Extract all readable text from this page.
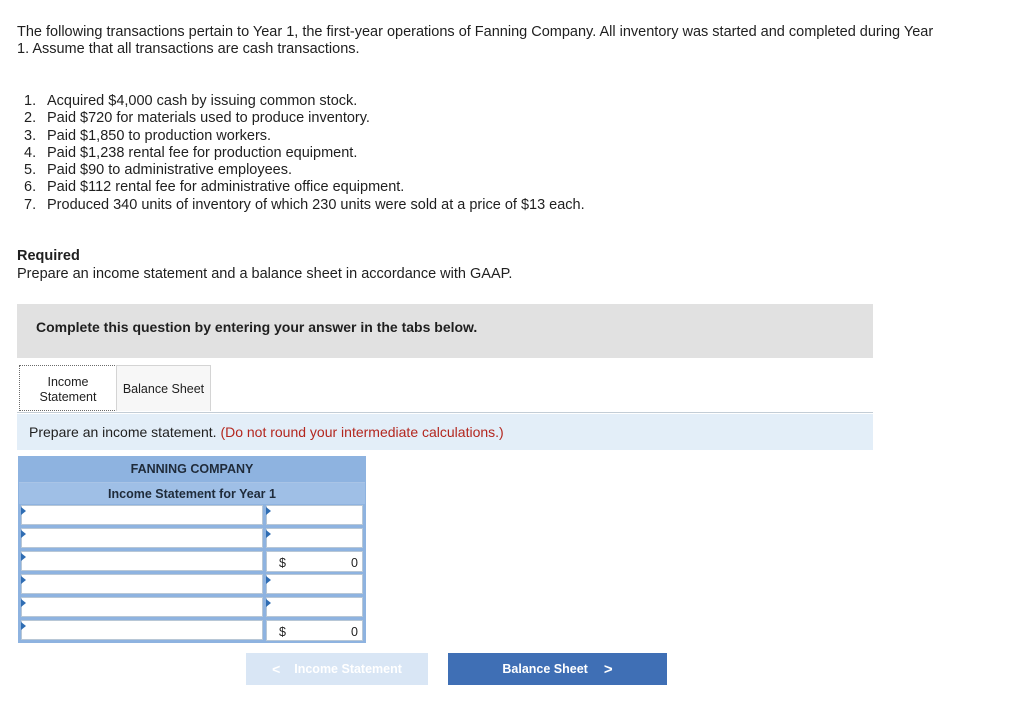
The following transactions pertain to Year 1, the first-year operations of Fanning Company. All inventory was started and completed during Year 1. Assume that all transactions are cash transactions.
1. Acquired $4,000 cash by issuing common stock.
2. Paid $720 for materials used to produce inventory.
3. Paid $1,850 to production workers.
4. Paid $1,238 rental fee for production equipment.
5. Paid $90 to administrative employees.
6. Paid $112 rental fee for administrative office equipment.
7. Produced 340 units of inventory of which 230 units were sold at a price of $13 each.
Required
Prepare an income statement and a balance sheet in accordance with GAAP.
Complete this question by entering your answer in the tabs below.
Income
Statement
Balance Sheet
Prepare an income statement. (Do not round your intermediate calculations.)
FANNING COMPANY
Income Statement for Year 1
$	0
$	0
< Income Statement	Balance Sheet >
